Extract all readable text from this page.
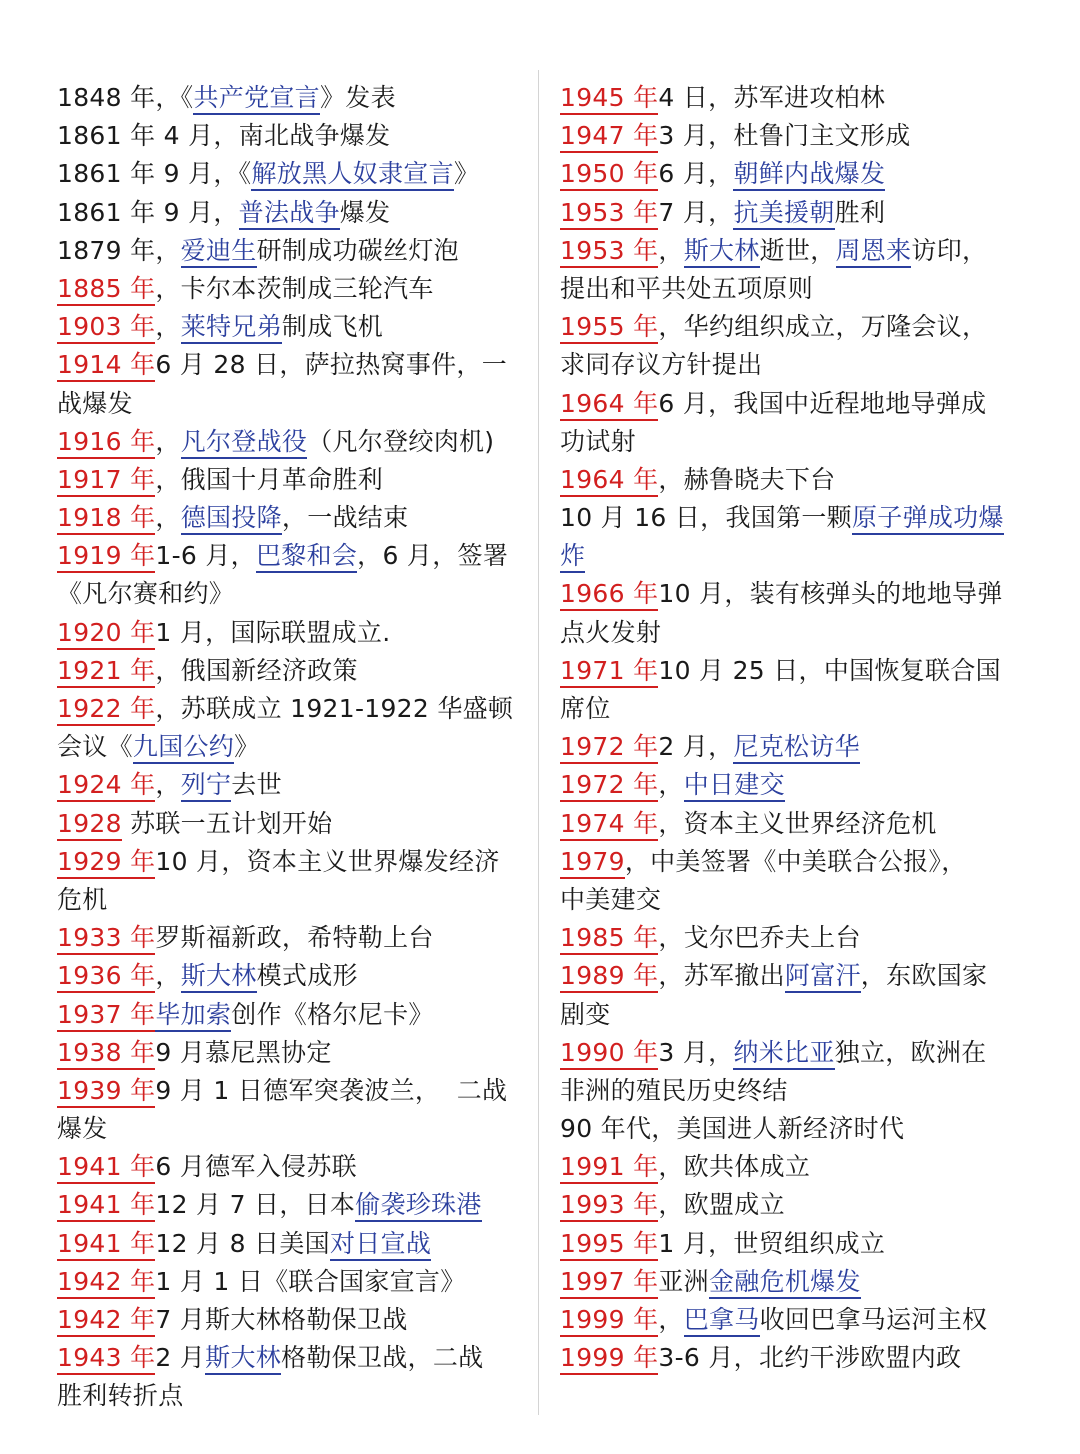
1848 年，《共产党宣言》发表
1861 年 4 月，南北战争爆发
1861 年 9 月，《解放黑人奴隶宣言》
1861 年 9 月，普法战争爆发
1879 年，爱迪生研制成功碳丝灯泡
1885 年，卡尔本茨制成三轮汽车
1903 年，莱特兄弟制成飞机
1914 年6 月 28 日，萨拉热窝事件，一
战爆发
1916 年，凡尔登战役（凡尔登绞肉机)
1917 年，俄国十月革命胜利
1918 年，德国投降，一战结束
1919 年1-6 月，巴黎和会，6 月，签署
《凡尔赛和约》
1920 年1 月，国际联盟成立.
1921 年，俄国新经济政策
1922 年，苏联成立 1921-1922 华盛顿
会议《九国公约》
1924 年，列宁去世
1928 苏联一五计划开始
1929 年10 月，资本主义世界爆发经济
危机
1933 年罗斯福新政，希特勒上台
1936 年，斯大林模式成形
1937 年毕加索创作《格尔尼卡》
1938 年9 月慕尼黑协定
1939 年9 月 1 日德军突袭波兰，  二战
爆发
1941 年6 月德军入侵苏联
1941 年12 月 7 日，日本偷袭珍珠港
1941 年12 月 8 日美国对日宣战
1942 年1 月 1 日《联合国家宣言》
1942 年7 月斯大林格勒保卫战
1943 年2 月斯大林格勒保卫战，二战
胜利转折点
1945 年4 日，苏军进攻柏林
1947 年3 月，杜鲁门主文形成
1950 年6 月，朝鲜内战爆发
1953 年7 月，抗美援朝胜利
1953 年，斯大林逝世，周恩来访印，
提出和平共处五项原则
1955 年，华约组织成立，万隆会议，
求同存议方针提出
1964 年6 月，我国中近程地地导弹成
功试射
1964 年，赫鲁晓夫下台
10 月 16 日，我国第一颗原子弹成功爆
炸
1966 年10 月，装有核弹头的地地导弹
点火发射
1971 年10 月 25 日，中国恢复联合国
席位
1972 年2 月，尼克松访华
1972 年，中日建交
1974 年，资本主义世界经济危机
1979，中美签署《中美联合公报》，
中美建交
1985 年，戈尔巴乔夫上台
1989 年，苏军撤出阿富汗，东欧国家
剧变
1990 年3 月，纳米比亚独立，欧洲在
非洲的殖民历史终结
90 年代，美国进人新经济时代
1991 年，欧共体成立
1993 年，欧盟成立
1995 年1 月，世贸组织成立
1997 年亚洲金融危机爆发
1999 年，巴拿马收回巴拿马运河主权
1999 年3-6 月，北约干涉欧盟内政
